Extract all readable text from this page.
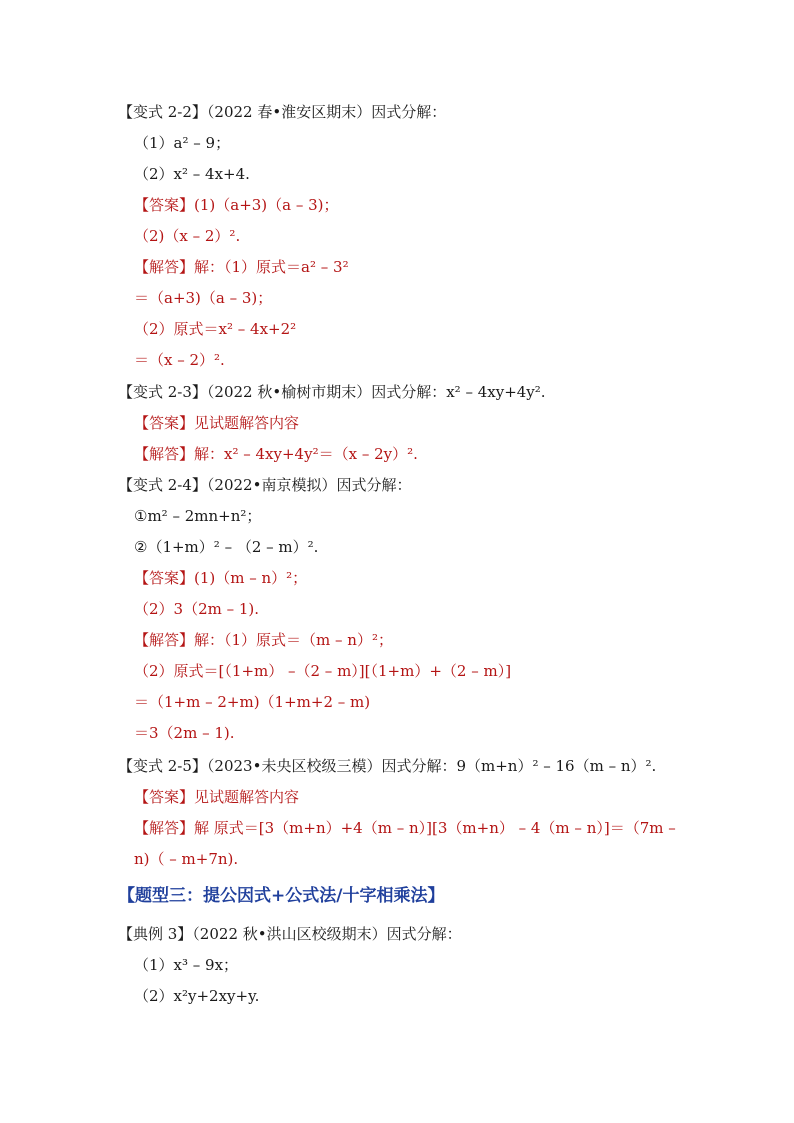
【变式 2-2】（2022 春•淮安区期末）因式分解：
（1）a² – 9；
（2）x² – 4x+4.
【答案】(1)（a+3)（a – 3)；
（2)（x – 2）².
【解答】解：（1）原式＝a² – 3²
＝（a+3)（a – 3)；
（2）原式＝x² – 4x+2²
＝（x – 2）².
【变式 2-3】（2022 秋•榆树市期末）因式分解：x² – 4xy+4y².
【答案】见试题解答内容
【解答】解：x² – 4xy+4y²＝（x – 2y）².
【变式 2-4】（2022•南京模拟）因式分解：
①m² – 2mn+n²；
②（1+m）² – （2 – m）².
【答案】(1)（m – n）²；
（2）3（2m – 1).
【解答】解：（1）原式＝（m – n）²；
（2）原式＝[（1+m） –（2 – m）][（1+m）+（2 – m）]
＝（1+m – 2+m)（1+m+2 – m)
＝3（2m – 1).
【变式 2-5】（2023•未央区校级三模）因式分解：9（m+n）² – 16（m – n）².
【答案】见试题解答内容
【解答】解 原式＝[3（m+n）+4（m – n）][3（m+n） – 4（m – n）]＝（7m –
n)（ – m+7n).
【题型三：提公因式+公式法/十字相乘法】
【典例 3】（2022 秋•洪山区校级期末）因式分解：
（1）x³ – 9x；
（2）x²y+2xy+y.
